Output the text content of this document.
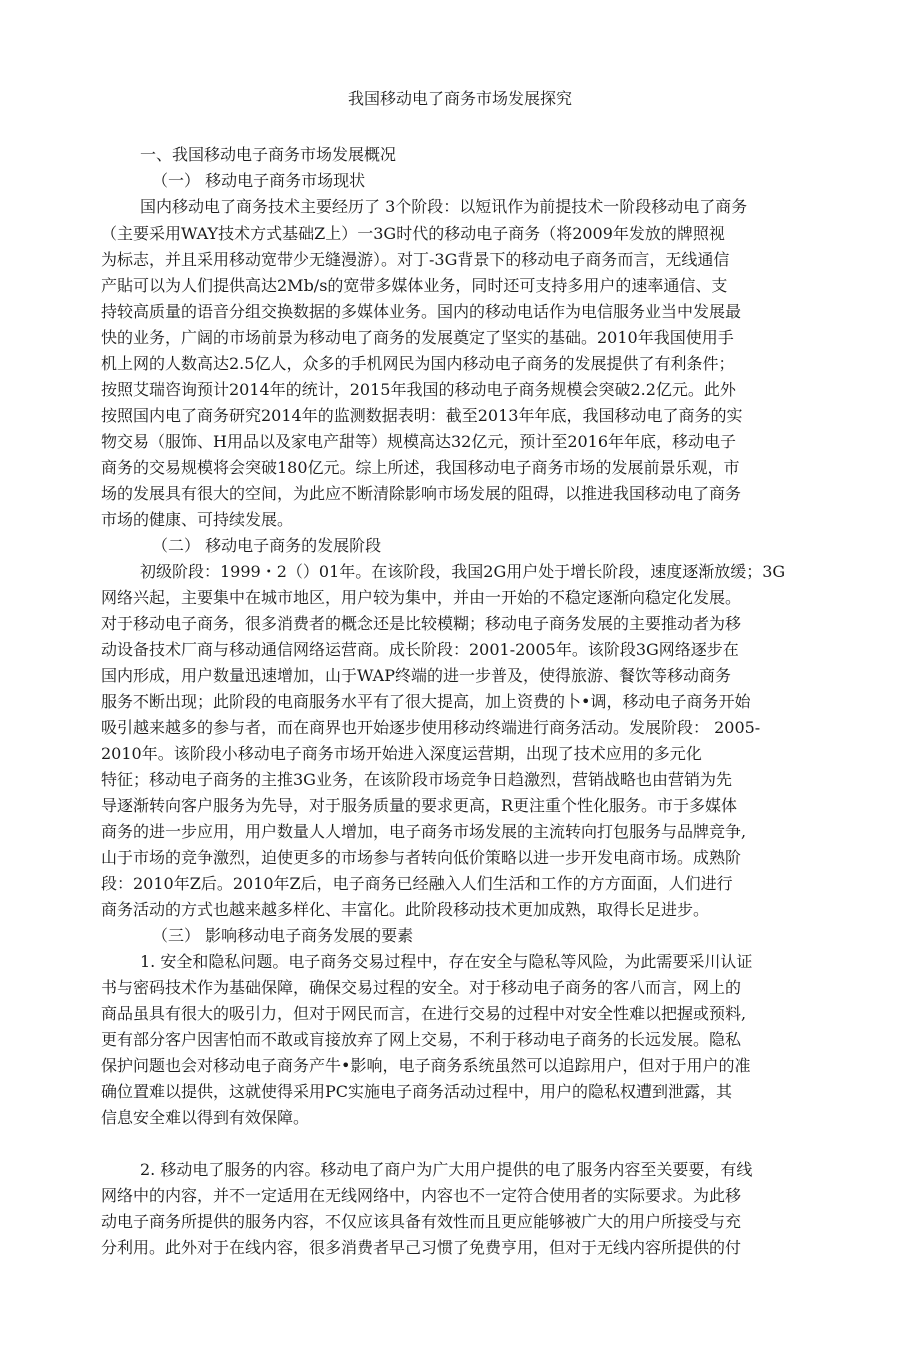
我国移动电了商务市场发展探究
一、我国移动电子商务市场发展概况
（一） 移动电子商务市场现状
国内移动电了商务技术主要经历了 3个阶段：以短讯作为前提技术一阶段移动电了商务
（主要采用WAY技术方式基础Z上）一3G时代的移动电子商务（将2009年发放的牌照视
为标志，并且采用移动宽带少无缝漫游）。对丁-3G背景下的移动电子商务而言，无线通信
产貼可以为人们提供高达2Mb/s的宽带多媒体业务，同时还可支持多用户的速率通信、支
持较高质量的语音分组交换数据的多媒体业务。国内的移动电话作为电信服务业当中发展最
快的业务，广阔的市场前景为移动电了商务的发展奠定了坚实的基础。2010年我国使用手
机上网的人数高达2.5亿人，众多的手机网民为国内移动电子商务的发展提供了有利条件；
按照艾瑞咨询预计2014年的统计，2015年我国的移动电子商务规模会突破2.2亿元。此外
按照国内电了商务研究2014年的监测数据表明：截至2013年年底，我国移动电了商务的实
物交易（服饰、H用品以及家电产甜等）规模高达32亿元，预计至2016年年底，移动电子
商务的交易规模将会突破180亿元。综上所述，我国移动电子商务市场的发展前景乐观，市
场的发展具有很大的空间，为此应不断清除影响市场发展的阻碍，以推进我国移动电了商务
市场的健康、可持续发展。
（二） 移动电子商务的发展阶段
初级阶段：1999・2（）01年。在该阶段，我国2G用户处于增长阶段，速度逐渐放缓；3G
网络兴起，主要集中在城市地区，用户较为集中，并由一开始的不稳定逐渐向稳定化发展。
对于移动电子商务，很多消费者的概念还是比较模糊；移动电子商务发展的主要推动者为移
动设备技术厂商与移动通信网络运营商。成长阶段：2001-2005年。该阶段3G网络逐步在
国内形成，用户数量迅速增加，山于WAP终端的进一步普及，使得旅游、餐饮等移动商务
服务不断出现；此阶段的电商服务水平有了很大提高，加上资费的卜•调，移动电子商务开始
吸引越来越多的参与者，而在商界也开始逐步使用移动终端进行商务活动。发展阶段： 2005-
2010年。该阶段小移动电子商务市场开始进入深度运营期，出现了技术应用的多元化
特征；移动电子商务的主推3G业务，在该阶段市场竞争日趋激烈，营销战略也由营销为先
导逐渐转向客户服务为先导，对于服务质量的要求更高，R更注重个性化服务。市于多媒体
商务的进一步应用，用户数量人人增加，电子商务市场发展的主流转向打包服务与品牌竞争,
山于市场的竞争激烈，迫使更多的市场参与者转向低价策略以进一步开发电商市场。成熟阶
段：2010年Z后。2010年Z后，电子商务已经融入人们生活和工作的方方面面，人们进行
商务活动的方式也越来越多样化、丰富化。此阶段移动技术更加成熟，取得长足进步。
（三） 影响移动电子商务发展的要素
1. 安全和隐私问题。电子商务交易过程中，存在安全与隐私等风险，为此需要采川认证
书与密码技术作为基础保障，确保交易过程的安全。对于移动电子商务的客八而言，网上的
商品虽具有很大的吸引力，但对于网民而言，在进行交易的过程中对安全性难以把握或预料,
更有部分客户因害怕而不敢或肓接放弃了网上交易，不利于移动电子商务的长远发展。隐私
保护问题也会对移动电子商务产牛•影响，电子商务系统虽然可以追踪用户，但对于用户的准
确位置难以提供，这就使得采用PC实施电子商务活动过程中，用户的隐私权遭到泄露，其
信息安全难以得到有效保障。
2. 移动电了服务的内容。移动电了商户为广大用户提供的电了服务内容至关要要，有线
网络中的内容，并不一定适用在无线网络中，内容也不一定符合使用者的实际要求。为此移
动电子商务所提供的服务内容，不仅应该具备有效性而且更应能够被广大的用户所接受与充
分利用。此外对于在线内容，很多消费者早己习惯了免费亨用，但对于无线内容所提供的付
